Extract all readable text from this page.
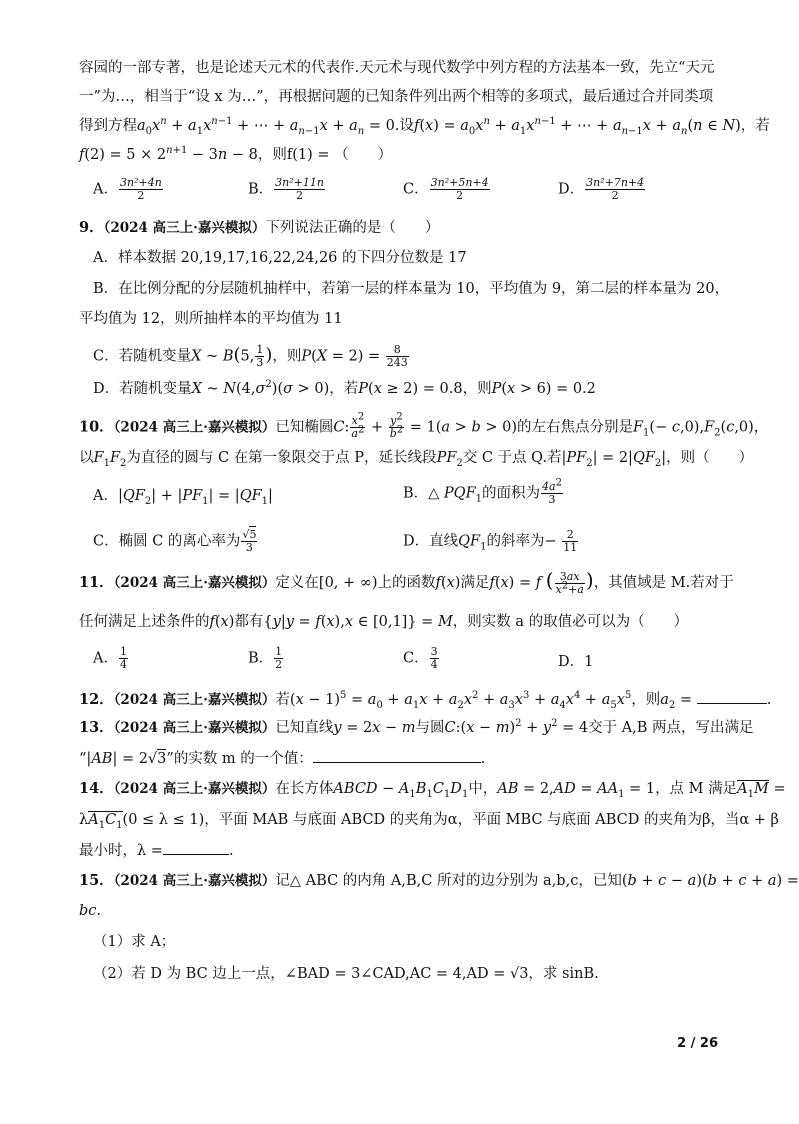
容园的一部专著，也是论述天元术的代表作.天元术与现代数学中列方程的方法基本一致，先立“天元
一”为…，相当于“设 x 为…”，再根据问题的已知条件列出两个相等的多项式，最后通过合并同类项
得到方程$a_0x^n + a_1x^{n-1}$ + ⋯ + $a_{n-1}x + a_n = 0$.设$f(x) = a_0x^n + a_1x^{n-1}$ + ⋯ + $a_{n-1}x + a_n(n$ ∈ N)，若
$f(2) = 5 \times 2^{n+1} - 3n - 8$，则f(1) = （　　）
A． $\frac{\text{3n²+4n}}{2}$	B． $\frac{\text{3n²+11n}}{2}$	C． $\frac{\text{3n²+5n+4}}{2}$	D． $\frac{\text{3n²+7n+4}}{2}$
9．（2024 高三上·嘉兴模拟）下列说法正确的是（　　）
A．样本数据 20,19,17,16,22,24,26 的下四分位数是 17
B．在比例分配的分层随机抽样中，若第一层的样本量为 10，平均值为 9，第二层的样本量为 20，
平均值为 12，则所抽样本的平均值为 11
C．若随机变量X ~ B(5, $\frac{1}{3}$ )，则$P(X = 2) = \frac{8}{243}$
D．若随机变量X ~ $N(4,\sigma^2)(\sigma > 0)$，若P(x ≥ 2) = 0.8，则P(x > 6) = 0.2
10．（2024 高三上·嘉兴模拟）已知椭圆C: $\frac{x^2}{a^2} + \frac{y^2}{b^2} = 1(a > b > 0)$的左右焦点分别是$F_1(- c,0),F_2(c,0)$，
以$F_1F_2$为直径的圆与 C 在第一象限交于点 P，延长线段$PF_2$交 C 于点 Q.若$|PF_2| = 2|QF_2|$，则（　　）
A．$|QF_2| + |PF_1| = |QF_1|$	B．△ $PQF_1$的面积为 $\frac{4a^2}{3}$
C．椭圆 C 的离心率为 $\frac{√5}{3}$	D．直线$QF_1$的斜率为− $\frac{2}{11}$
11．（2024 高三上·嘉兴模拟）定义在[0, + ∞)上的函数f(x)满足f(x) = f ( $\frac{3ax}{x^2+a}$ )，其值域是 M.若对于
任何满足上述条件的f(x)都有{y|y = f(x),x ∈ [0,1]} = M，则实数 a 的取值必可以为（　　）
A． $\frac{1}{4}$	B． $\frac{1}{2}$	C． $\frac{3}{4}$	D．1
12．（2024 高三上·嘉兴模拟）若$(x - 1)^5 = a_0 + a_1x + a_2x^2 + a_3x^3 + a_4x^4 + a_5x^5$，则$a_2$ =	.
13．（2024 高三上·嘉兴模拟）已知直线y = 2x − m与圆C:(x − $m)^2 + y^2 = 4$交于 A,B 两点，写出满足
“|AB| = 2√3”的实数 m 的一个值：	.
14．（2024 高三上·嘉兴模拟）在长方体ABCD − $A_1B_1C_1D_1$中，AB = $2,AD = AA_1 = 1$，点 M 满足$A_1M$ =
$\lambda A_1C_1(0 \le \lambda \le 1)$，平面 MAB 与底面 ABCD 的夹角为α，平面 MBC 与底面 ABCD 的夹角为β，当α + β
最小时，λ =	.
15．（2024 高三上·嘉兴模拟）记△ ABC 的内角 A,B,C 所对的边分别为 a,b,c，已知(b + c − a)(b + c + a) =
bc.
（1）求 A；
（2）若 D 为 BC 边上一点，∠BAD = 3∠CAD,AC = 4,AD = √3，求 sinB.
2 / 26
